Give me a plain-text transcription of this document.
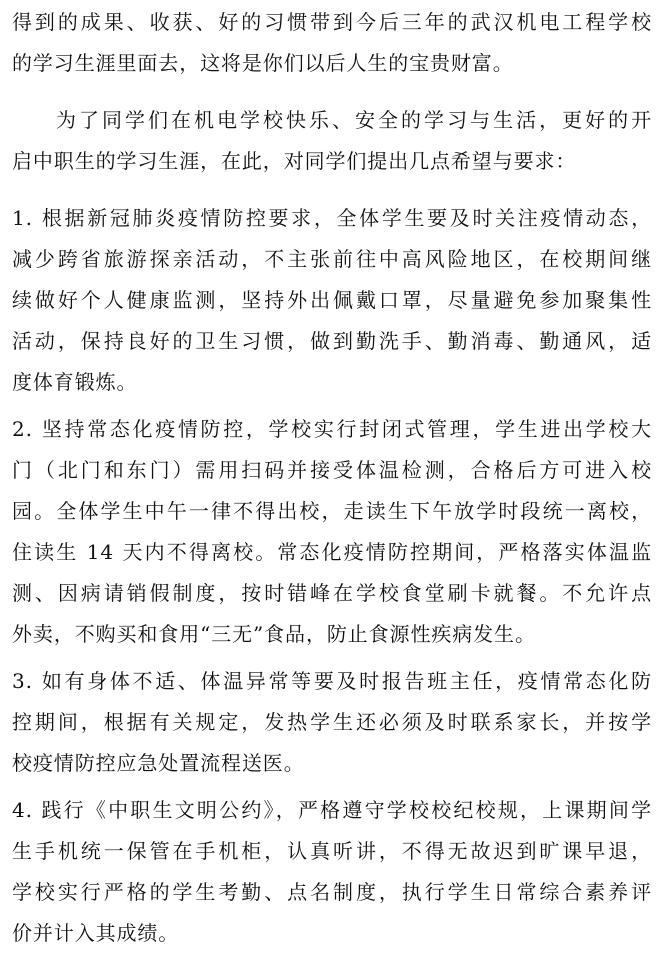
得到的成果、收获、好的习惯带到今后三年的武汉机电工程学校
的学习生涯里面去，这将是你们以后人生的宝贵财富。
为了同学们在机电学校快乐、安全的学习与生活，更好的开
启中职生的学习生涯，在此，对同学们提出几点希望与要求：
1. 根据新冠肺炎疫情防控要求，全体学生要及时关注疫情动态，
减少跨省旅游探亲活动，不主张前往中高风险地区，在校期间继
续做好个人健康监测，坚持外出佩戴口罩，尽量避免参加聚集性
活动，保持良好的卫生习惯，做到勤洗手、勤消毒、勤通风，适
度体育锻炼。
2. 坚持常态化疫情防控，学校实行封闭式管理，学生进出学校大
门（北门和东门）需用扫码并接受体温检测，合格后方可进入校
园。全体学生中午一律不得出校，走读生下午放学时段统一离校，
住读生 14 天内不得离校。常态化疫情防控期间，严格落实体温监
测、因病请销假制度，按时错峰在学校食堂刷卡就餐。不允许点
外卖，不购买和食用“三无”食品，防止食源性疾病发生。
3. 如有身体不适、体温异常等要及时报告班主任，疫情常态化防
控期间，根据有关规定，发热学生还必须及时联系家长，并按学
校疫情防控应急处置流程送医。
4. 践行《中职生文明公约》，严格遵守学校校纪校规，上课期间学
生手机统一保管在手机柜，认真听讲，不得无故迟到旷课早退，
学校实行严格的学生考勤、点名制度，执行学生日常综合素养评
价并计入其成绩。
